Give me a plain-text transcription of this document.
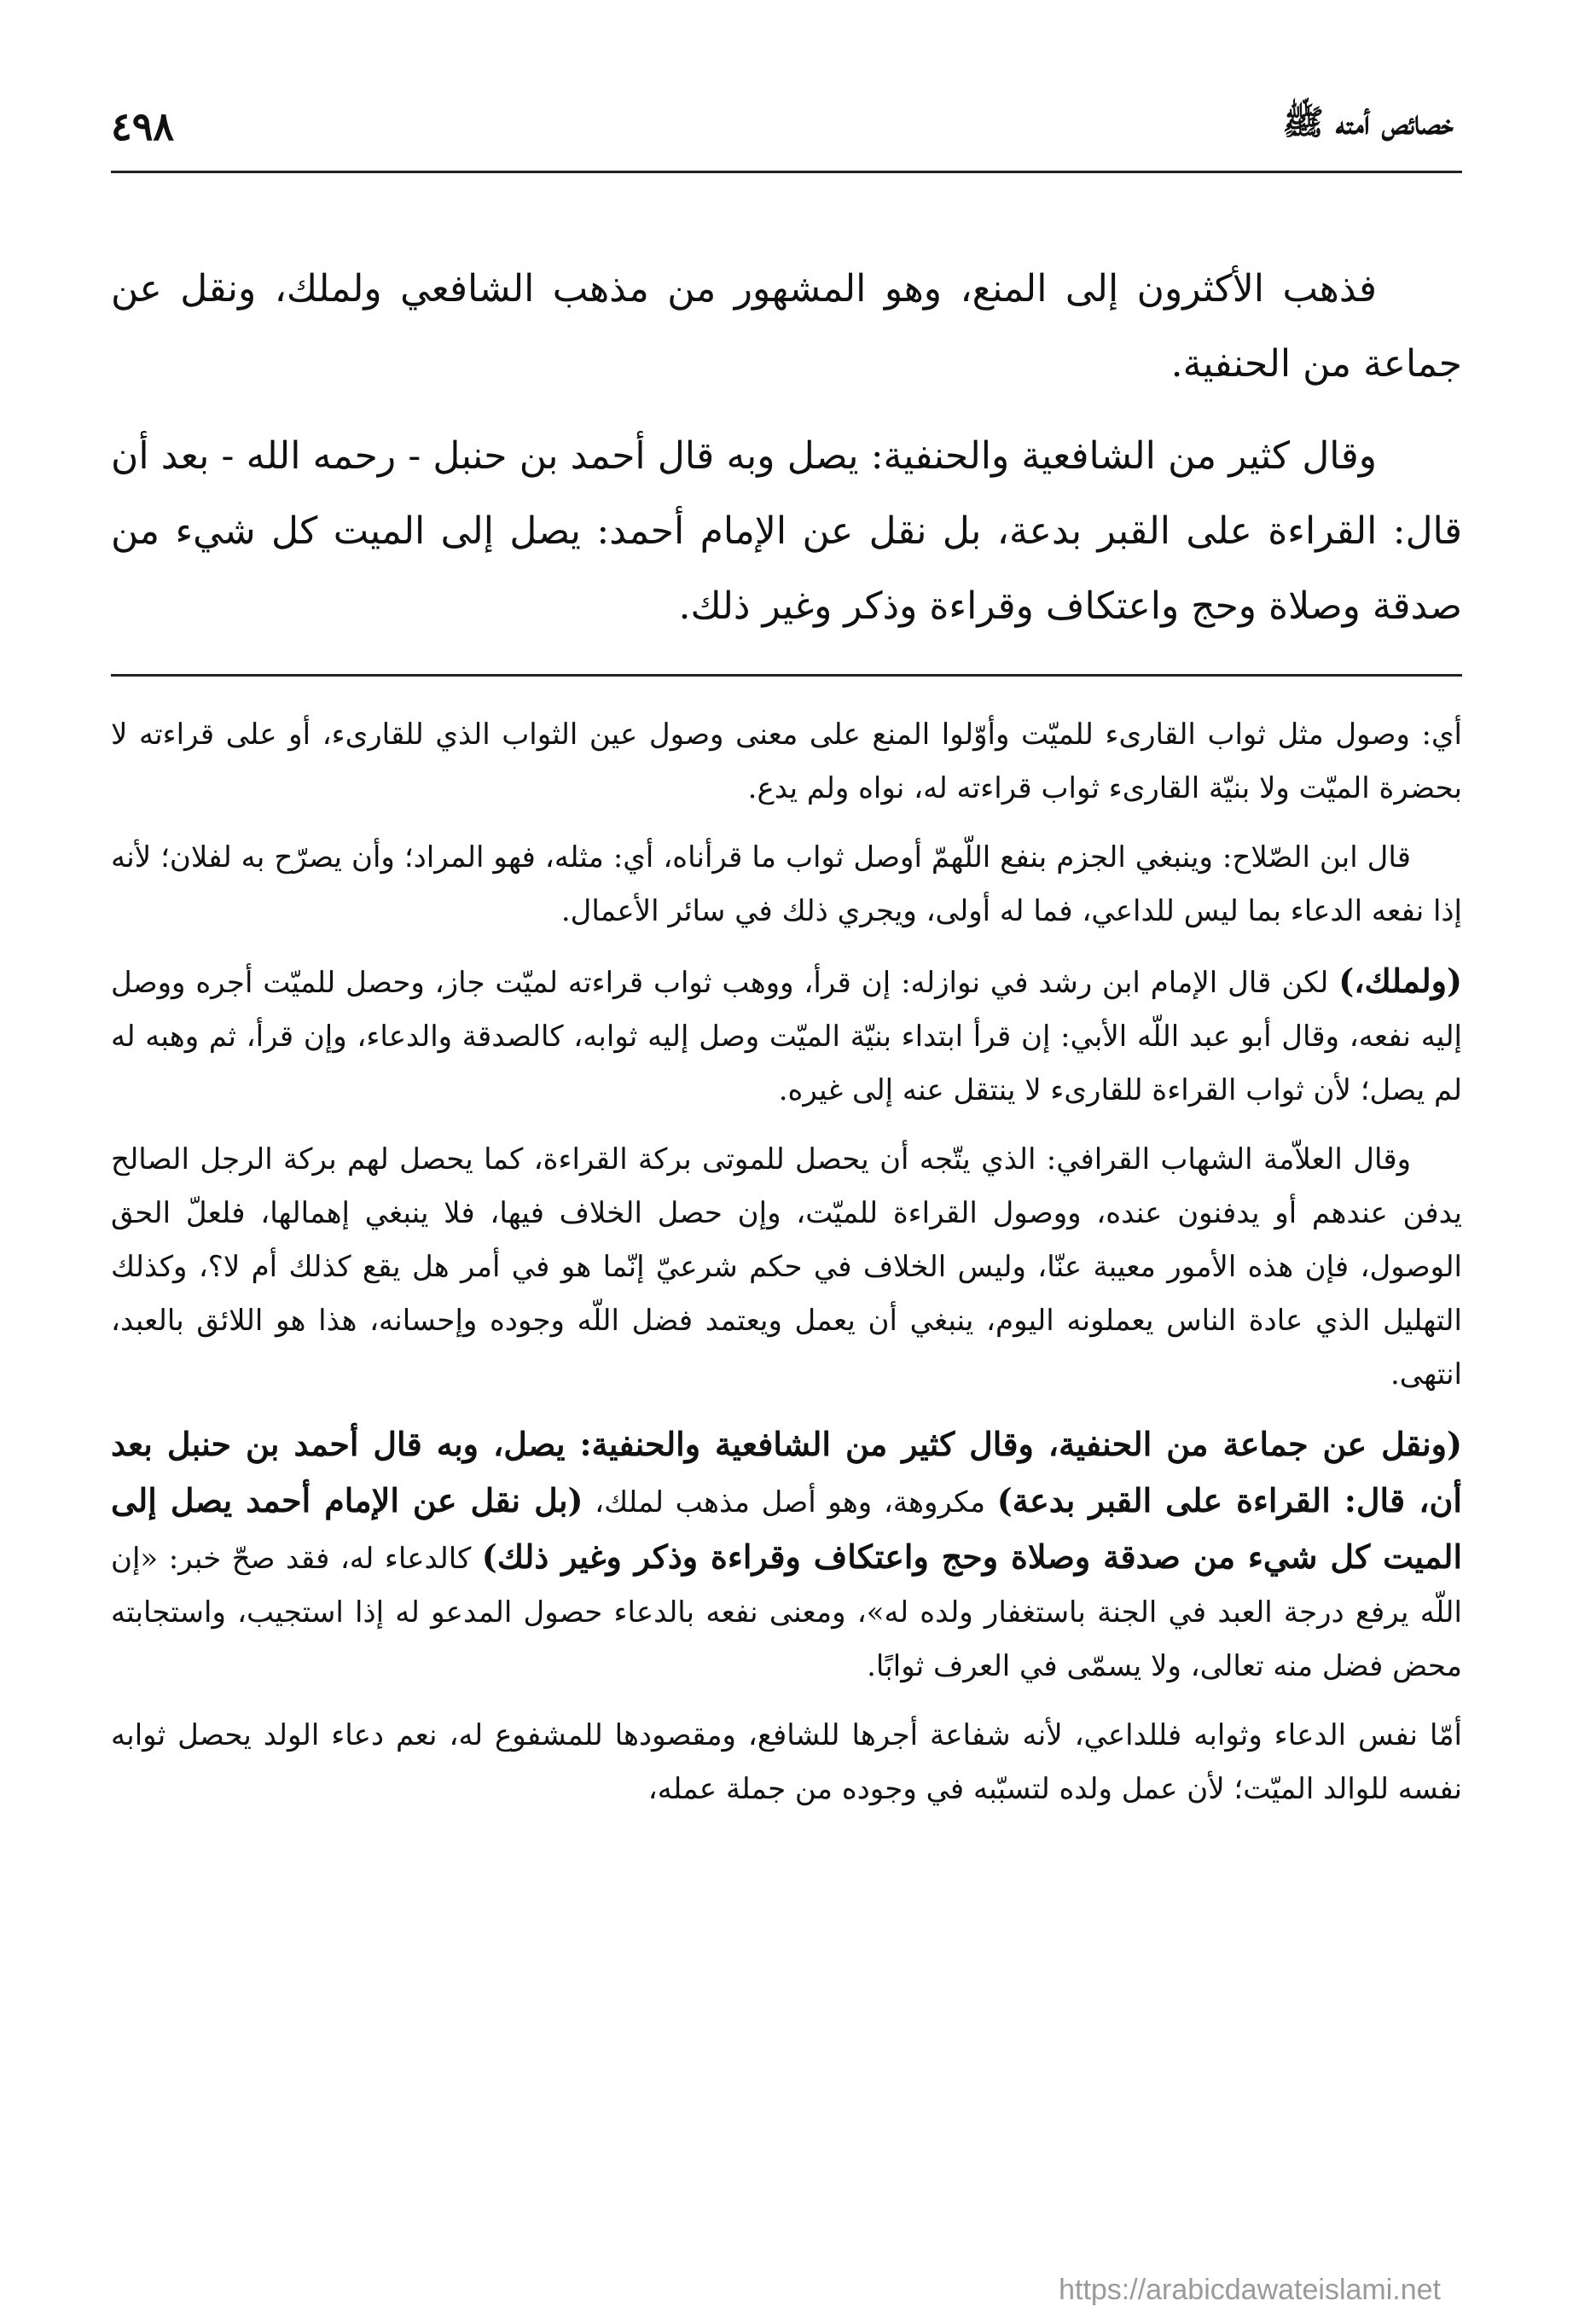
خصائص أمته ﷺ
٤٩٨

فذهب الأكثرون إلى المنع، وهو المشهور من مذهب الشافعي ولملك، ونقل عن جماعة من الحنفية.

وقال كثير من الشافعية والحنفية: يصل وبه قال أحمد بن حنبل - رحمه الله - بعد أن قال: القراءة على القبر بدعة، بل نقل عن الإمام أحمد: يصل إلى الميت كل شيء من صدقة وصلاة وحج واعتكاف وقراءة وذكر وغير ذلك.

أي: وصول مثل ثواب القارىء للميّت وأوّلوا المنع على معنى وصول عين الثواب الذي للقارىء، أو على قراءته لا بحضرة الميّت ولا بنيّة القارىء ثواب قراءته له، نواه ولم يدع.

قال ابن الصّلاح: وينبغي الجزم بنفع اللّهمّ أوصل ثواب ما قرأناه، أي: مثله، فهو المراد؛ وأن يصرّح به لفلان؛ لأنه إذا نفعه الدعاء بما ليس للداعي، فما له أولى، ويجري ذلك في سائر الأعمال.

(ولملك،) لكن قال الإمام ابن رشد في نوازله: إن قرأ، ووهب ثواب قراءته لميّت جاز، وحصل للميّت أجره ووصل إليه نفعه، وقال أبو عبد اللّه الأبي: إن قرأ ابتداء بنيّة الميّت وصل إليه ثوابه، كالصدقة والدعاء، وإن قرأ، ثم وهبه له لم يصل؛ لأن ثواب القراءة للقارىء لا ينتقل عنه إلى غيره.

وقال العلاّمة الشهاب القرافي: الذي يتّجه أن يحصل للموتى بركة القراءة، كما يحصل لهم بركة الرجل الصالح يدفن عندهم أو يدفنون عنده، ووصول القراءة للميّت، وإن حصل الخلاف فيها، فلا ينبغي إهمالها، فلعلّ الحق الوصول، فإن هذه الأمور معيبة عنّا، وليس الخلاف في حكم شرعيّ إنّما هو في أمر هل يقع كذلك أم لا؟، وكذلك التهليل الذي عادة الناس يعملونه اليوم، ينبغي أن يعمل ويعتمد فضل اللّه وجوده وإحسانه، هذا هو اللائق بالعبد، انتهى.

(ونقل عن جماعة من الحنفية، وقال كثير من الشافعية والحنفية: يصل، وبه قال أحمد بن حنبل بعد أن، قال: القراءة على القبر بدعة) مكروهة، وهو أصل مذهب لملك، (بل نقل عن الإمام أحمد يصل إلى الميت كل شيء من صدقة وصلاة وحج واعتكاف وقراءة وذكر وغير ذلك) كالدعاء له، فقد صحّ خبر: «إن اللّه يرفع درجة العبد في الجنة باستغفار ولده له»، ومعنى نفعه بالدعاء حصول المدعو له إذا استجيب، واستجابته محض فضل منه تعالى، ولا يسمّى في العرف ثوابًا.

أمّا نفس الدعاء وثوابه فللداعي، لأنه شفاعة أجرها للشافع، ومقصودها للمشفوع له، نعم دعاء الولد يحصل ثوابه نفسه للوالد الميّت؛ لأن عمل ولده لتسبّبه في وجوده من جملة عمله،

https://arabicdawateislami.net
